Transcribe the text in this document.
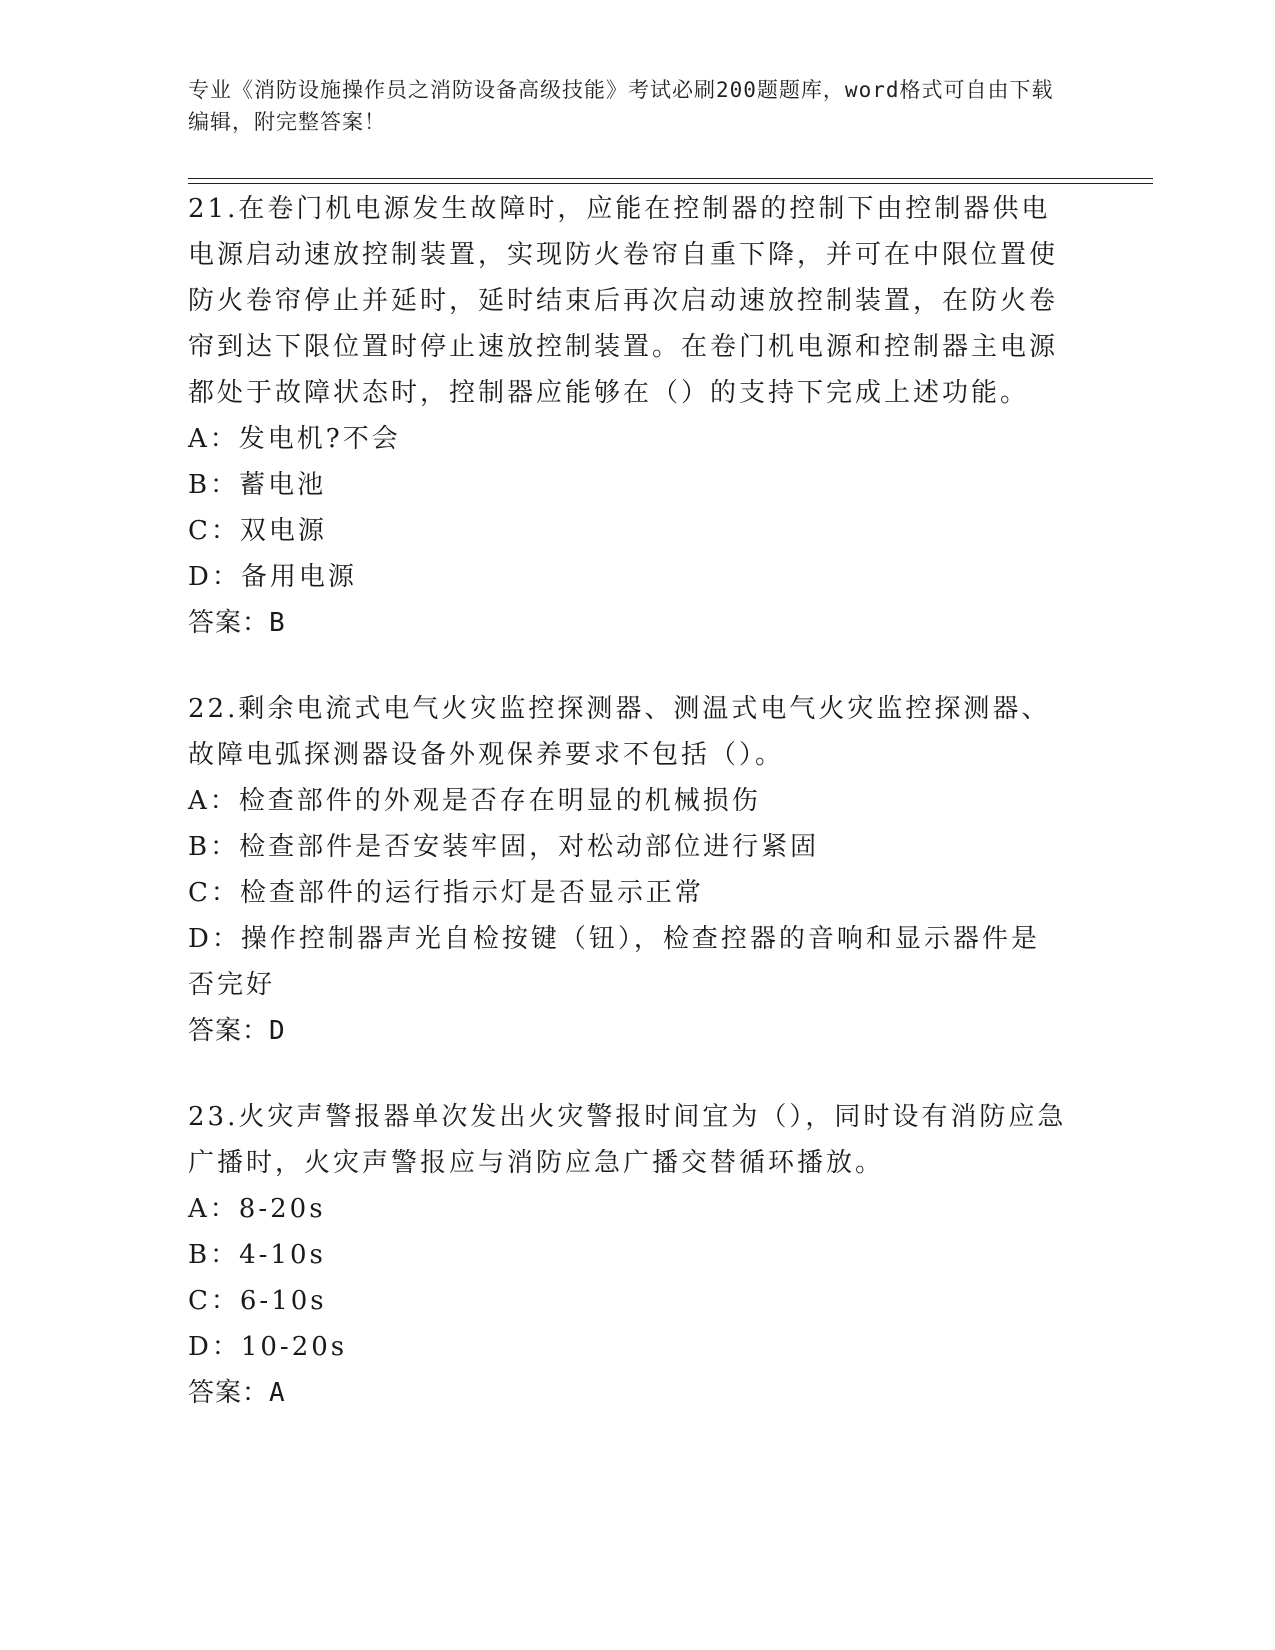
专业《消防设施操作员之消防设备高级技能》考试必刷200题题库，word格式可自由下载编辑，附完整答案！

21.在卷门机电源发生故障时，应能在控制器的控制下由控制器供电电源启动速放控制装置，实现防火卷帘自重下降，并可在中限位置使防火卷帘停止并延时，延时结束后再次启动速放控制装置，在防火卷帘到达下限位置时停止速放控制装置。在卷门机电源和控制器主电源都处于故障状态时，控制器应能够在（）的支持下完成上述功能。

A：发电机?不会

B：蓄电池

C：双电源

D：备用电源

答案：B

22.剩余电流式电气火灾监控探测器、测温式电气火灾监控探测器、故障电弧探测器设备外观保养要求不包括（）。

A：检查部件的外观是否存在明显的机械损伤

B：检查部件是否安装牢固，对松动部位进行紧固

C：检查部件的运行指示灯是否显示正常

D：操作控制器声光自检按键（钮），检查控器的音响和显示器件是否完好

答案：D

23.火灾声警报器单次发出火灾警报时间宜为（），同时设有消防应急广播时，火灾声警报应与消防应急广播交替循环播放。

A：8-20s

B：4-10s

C：6-10s

D：10-20s

答案：A
